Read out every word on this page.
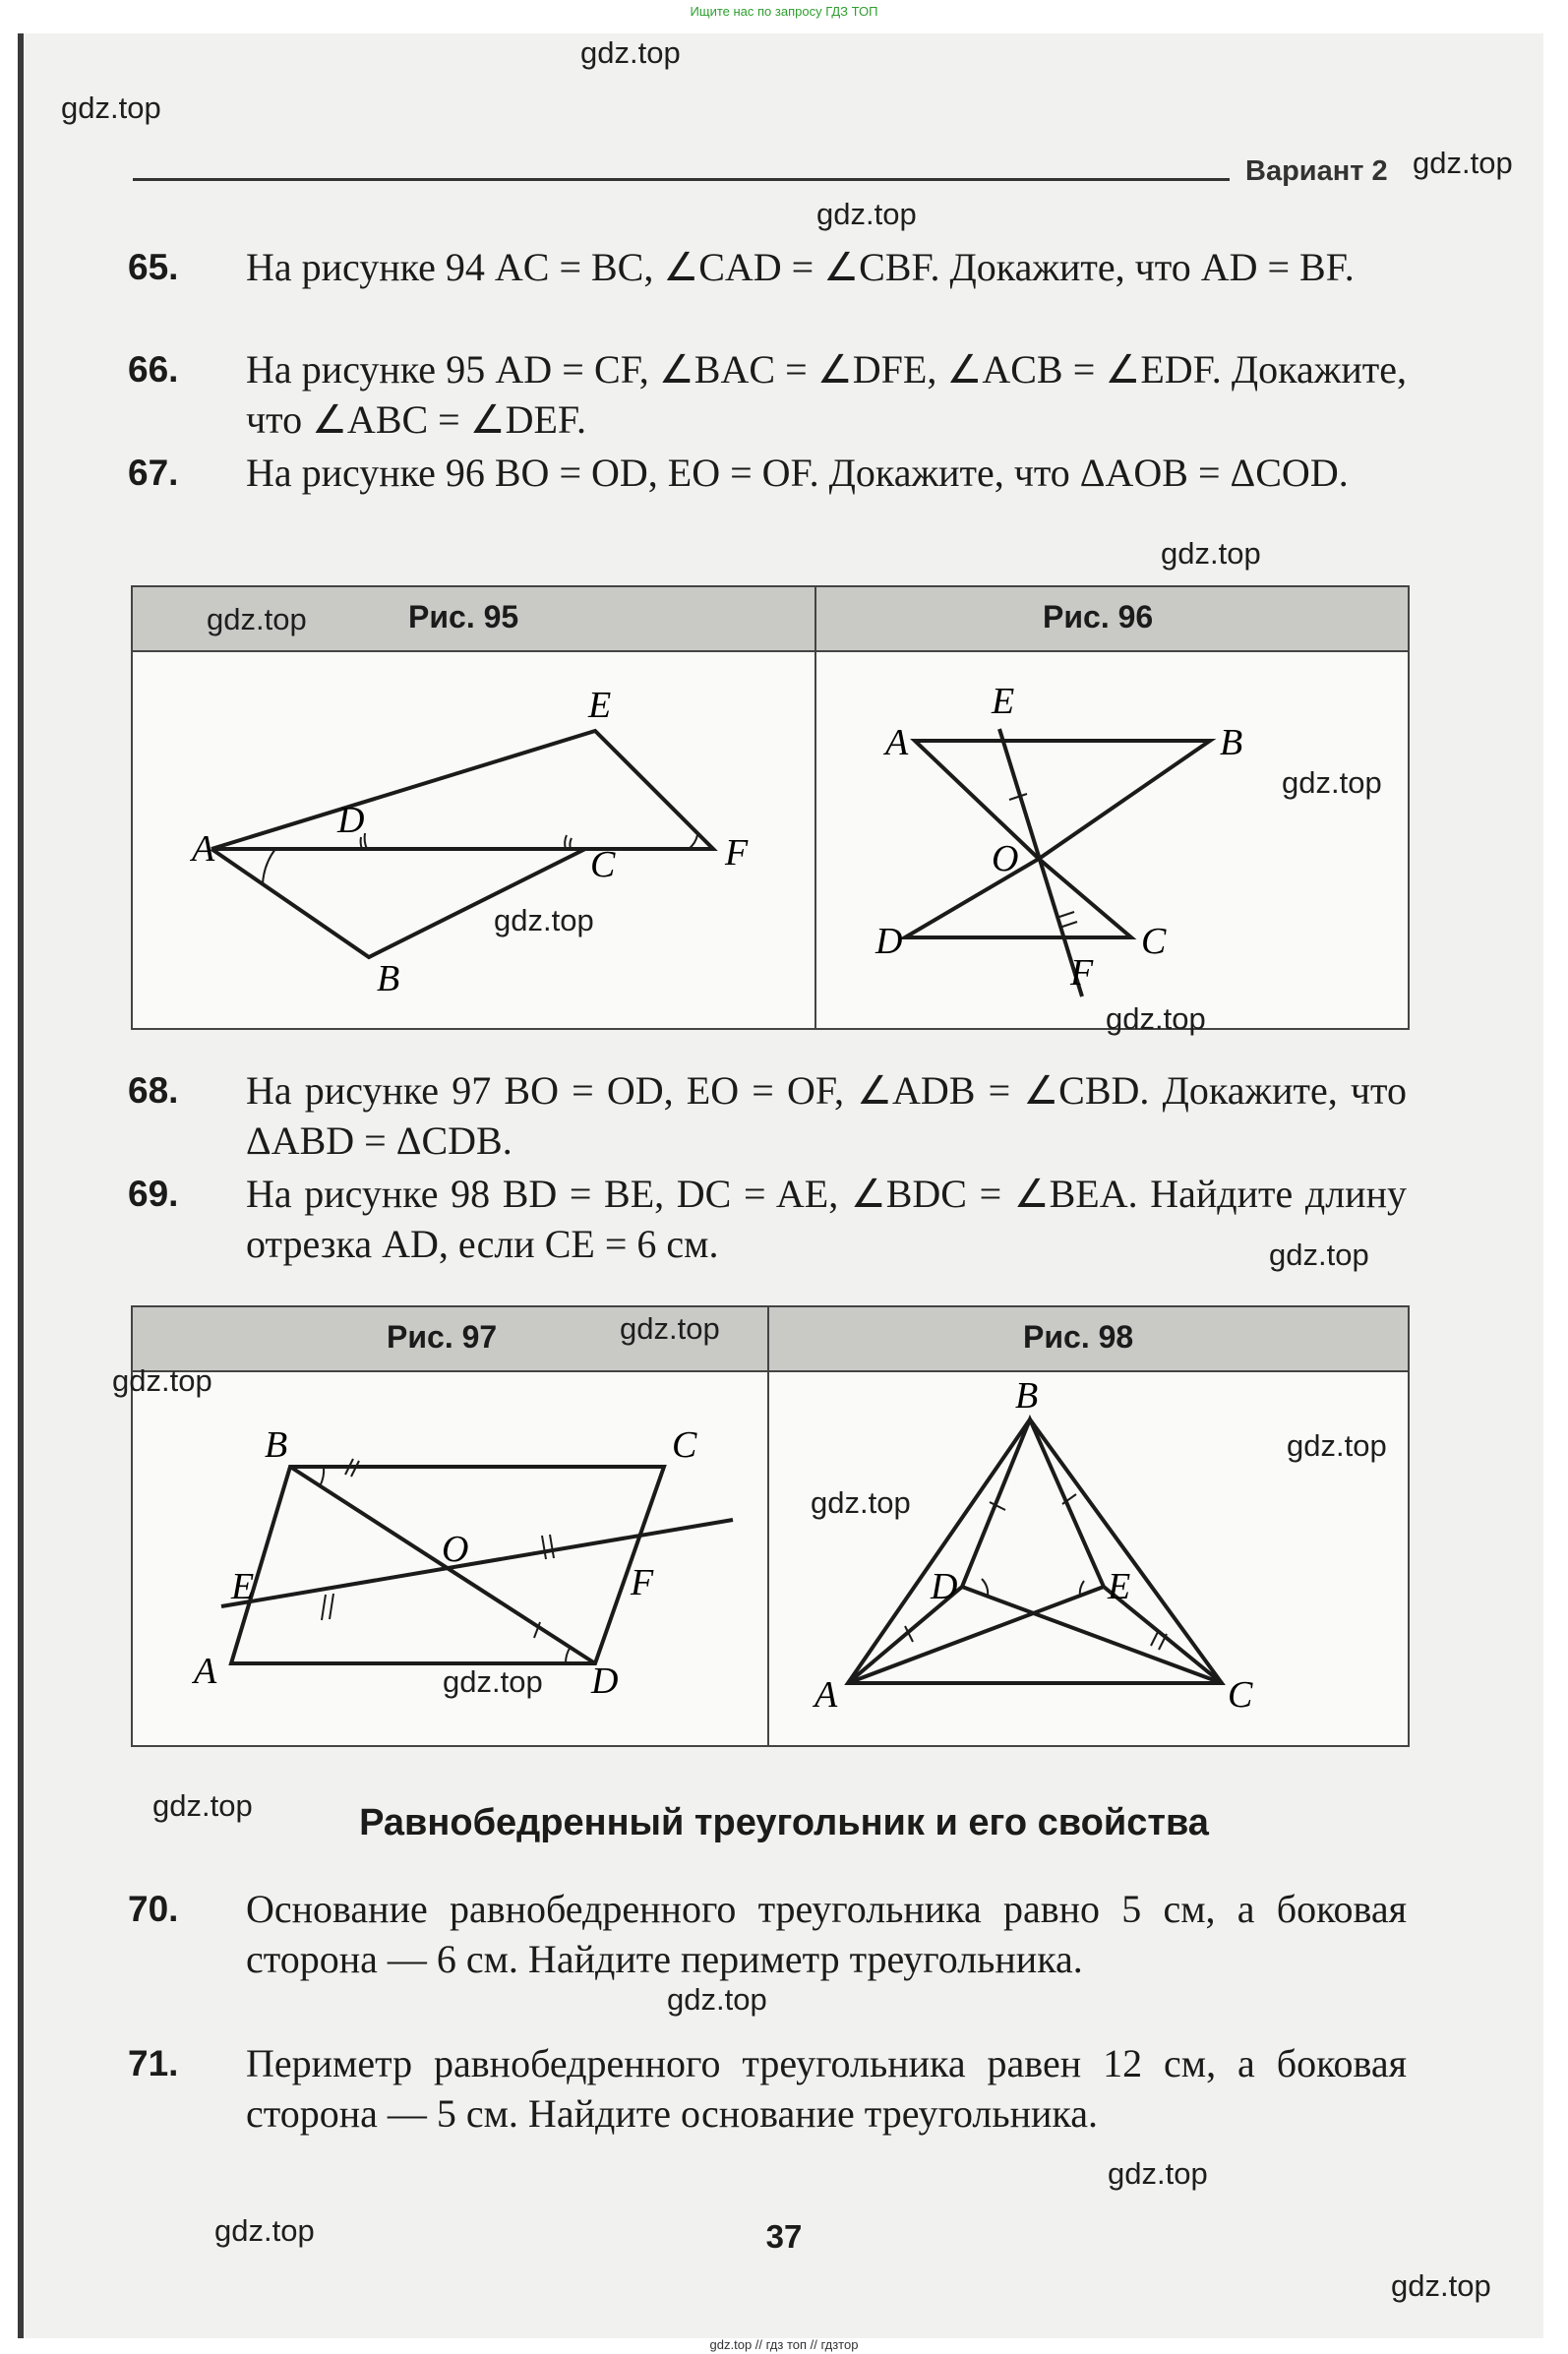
Ищите нас по запросу ГДЗ ТОП
Вариант 2
65. На рисунке 94 AC = BC, ∠CAD = ∠CBF. Докажите, что AD = BF.
66. На рисунке 95 AD = CF, ∠BAC = ∠DFE, ∠ACB = ∠EDF. Докажите, что ∠ABC = ∠DEF.
67. На рисунке 96 BO = OD, EO = OF. Докажите, что ΔAOB = ΔCOD.
Рис. 95	Рис. 96
A
D
C
E
F
B
A
E
B
O
D	C
F
68. На рисунке 97 BO = OD, EO = OF, ∠ADB = ∠CBD. Докажите, что ΔABD = ΔCDB.
69. На рисунке 98 BD = BE, DC = AE, ∠BDC = ∠BEA. Найдите длину отрезка AD, если CE = 6 см.
Рис. 97	Рис. 98
A
B	C
D
E	F
O
B
D	E
A	C
Равнобедренный треугольник и его свойства
70. Основание равнобедренного треугольника равно 5 см, а боковая сторона — 6 см. Найдите периметр треугольника.
71. Периметр равнобедренного треугольника равен 12 см, а боковая сторона — 5 см. Найдите основание треугольника.
37
gdz.top
gdz.top
gdz.top
gdz.top
gdz.top
gdz.top
gdz.top
gdz.top
gdz.top
gdz.top
gdz.top
gdz.top
gdz.top
gdz.top
gdz.top
gdz.top
gdz.top
gdz.top
gdz.top
gdz.top
gdz.top // гдз топ // гдзтор
